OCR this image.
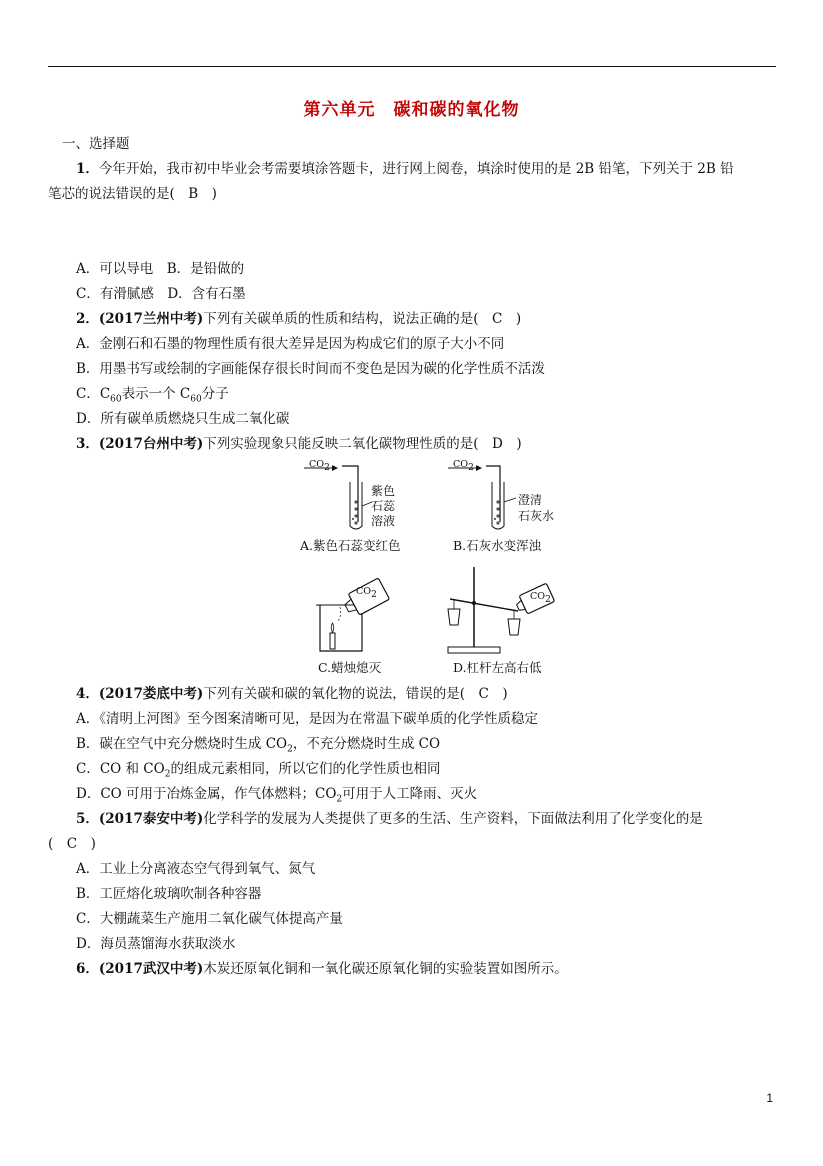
第六单元 碳和碳的氧化物
一、选择题
1．今年开始，我市初中毕业会考需要填涂答题卡，进行网上阅卷，填涂时使用的是 2B 铅笔，下列关于 2B 铅
笔芯的说法错误的是(　B　)
A．可以导电　B．是铅做的
C．有滑腻感　D．含有石墨
2．(2017兰州中考)下列有关碳单质的性质和结构，说法正确的是(　C　)
A．金刚石和石墨的物理性质有很大差异是因为构成它们的原子大小不同
B．用墨书写或绘制的字画能保存很长时间而不变色是因为碳的化学性质不活泼
C．$C_{60}$表示一个 $C_{60}$分子
D．所有碳单质燃烧只生成二氧化碳
3．(2017台州中考)下列实验现象只能反映二氧化碳物理性质的是(　D　)
$CO_2$
紫色
石蕊
溶液
A.紫色石蕊变红色
$CO_2$
澄清
石灰水
B.石灰水变浑浊
$CO_2$
C.蜡烛熄灭
$CO_2$
D.杠杆左高右低
4．(2017娄底中考)下列有关碳和碳的氧化物的说法，错误的是(　C　)
A．《清明上河图》至今图案清晰可见，是因为在常温下碳单质的化学性质稳定
B．碳在空气中充分燃烧时生成 $CO_2$，不充分燃烧时生成 CO
C．CO 和 $CO_2$的组成元素相同，所以它们的化学性质也相同
D．CO 可用于冶炼金属，作气体燃料；$CO_2$可用于人工降雨、灭火
5．(2017泰安中考)化学科学的发展为人类提供了更多的生活、生产资料，下面做法利用了化学变化的是
(　C　)
A．工业上分离液态空气得到氧气、氮气
B．工匠熔化玻璃吹制各种容器
C．大棚蔬菜生产施用二氧化碳气体提高产量
D．海员蒸馏海水获取淡水
6．(2017武汉中考)木炭还原氧化铜和一氧化碳还原氧化铜的实验装置如图所示。
1
